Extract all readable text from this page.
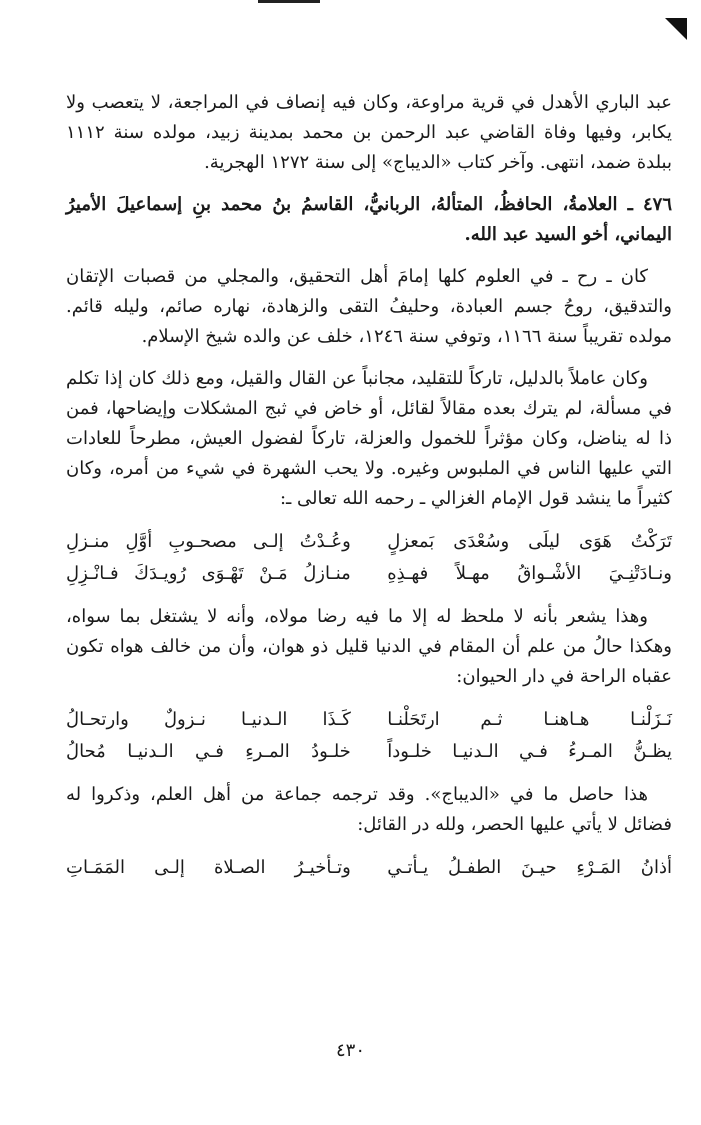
عبد الباري الأهدل في قرية مراوعة، وكان فيه إنصاف في المراجعة، لا يتعصب ولا يكابر، وفيها وفاة القاضي عبد الرحمن بن محمد بمدينة زبيد، مولده سنة ١١١٢ ببلدة ضمد، انتهى. وآخر كتاب «الديباج» إلى سنة ١٢٧٢ الهجرية.

٤٧٦ ـ العلامةُ، الحافظُ، المتألهُ، الربانيُّ، القاسمُ بنُ محمد بنِ إسماعيلَ الأميرُ اليماني، أخو السيد عبد الله.

كان ـ رح ـ في العلوم كلها إمامَ أهل التحقيق، والمجلي من قصبات الإتقان والتدقيق، روحُ جسم العبادة، وحليفُ التقى والزهادة، نهاره صائم، وليله قائم. مولده تقريباً سنة ١١٦٦، وتوفي سنة ١٢٤٦، خلف عن والده شيخ الإسلام.

وكان عاملاً بالدليل، تاركاً للتقليد، مجانباً عن القال والقيل، ومع ذلك كان إذا تكلم في مسألة، لم يترك بعده مقالاً لقائل، أو خاض في ثبج المشكلات وإيضاحها، فمن ذا له يناضل، وكان مؤثراً للخمول والعزلة، تاركاً لفضول العيش، مطرحاً للعادات التي عليها الناس في الملبوس وغيره. ولا يحب الشهرة في شيء من أمره، وكان كثيراً ما ينشد قول الإمام الغزالي ـ رحمه الله تعالى ـ:

تَرَكْتُ هَوَى ليلَى وسُعْدَى بَمعزلٍ
وعُـدْتُ إلـى مصحـوبِ أوَّلِ منـزلِ
ونـادَتْنِـيَ الأشْـواقُ مهـلاً فهـذِهِ
منـازلُ مَـنْ تَهْـوَى رُويـدَكَ فـانْـزِلِ

وهذا يشعر بأنه لا ملحظ له إلا ما فيه رضا مولاه، وأنه لا يشتغل بما سواه، وهكذا حالُ من علم أن المقام في الدنيا قليل ذو هوان، وأن من خالف هواه تكون عقباه الراحة في دار الحيوان:

نَـزَلْنـا هـاهنـا ثـم ارتَحَلْنـا
كَـذَا الـدنيـا نـزولٌ وارتحـالُ
يظـنُّ المـرءُ فـي الـدنيـا خلـوداً
خلـودُ المـرءِ فـي الـدنيـا مُحالُ

هذا حاصل ما في «الديباج». وقد ترجمه جماعة من أهل العلم، وذكروا له فضائل لا يأتي عليها الحصر، ولله در القائل:

أذانُ المَـرْءِ حيـنَ الطفـلُ يـأتـي
وتـأخيـرُ الصـلاة إلـى المَمَـاتِ
٤٣٠
